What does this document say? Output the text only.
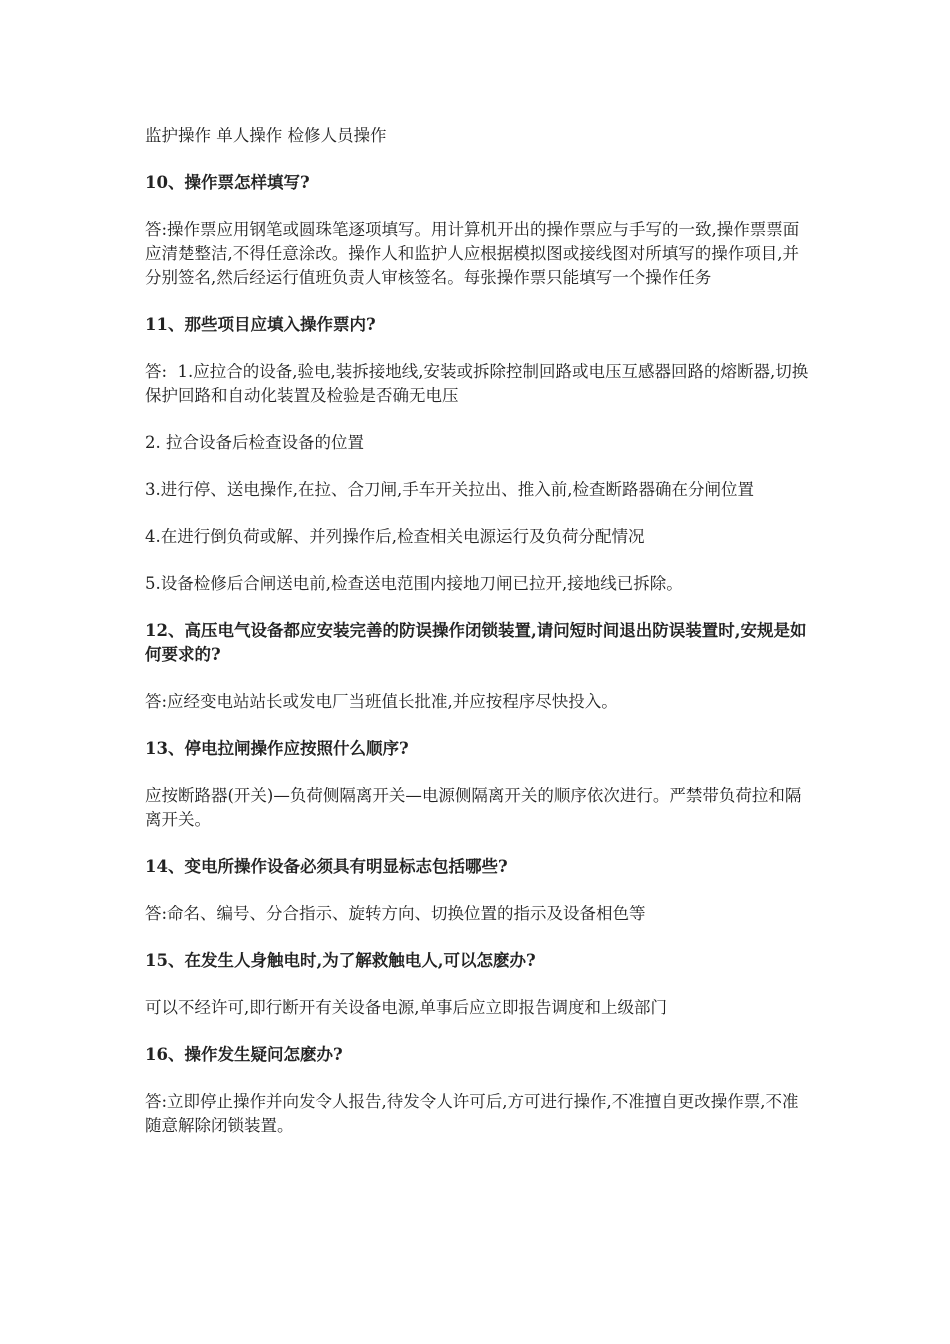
监护操作 单人操作 检修人员操作

10、操作票怎样填写?

答:操作票应用钢笔或圆珠笔逐项填写。用计算机开出的操作票应与手写的一致,操作票票面应清楚整洁,不得任意涂改。操作人和监护人应根据模拟图或接线图对所填写的操作项目,并分别签名,然后经运行值班负责人审核签名。每张操作票只能填写一个操作任务

11、那些项目应填入操作票内?

答:  1.应拉合的设备,验电,装拆接地线,安装或拆除控制回路或电压互感器回路的熔断器,切换保护回路和自动化装置及检验是否确无电压

2. 拉合设备后检查设备的位置

3.进行停、送电操作,在拉、合刀闸,手车开关拉出、推入前,检查断路器确在分闸位置

4.在进行倒负荷或解、并列操作后,检查相关电源运行及负荷分配情况

5.设备检修后合闸送电前,检查送电范围内接地刀闸已拉开,接地线已拆除。

12、高压电气设备都应安装完善的防误操作闭锁装置,请问短时间退出防误装置时,安规是如何要求的?

答:应经变电站站长或发电厂当班值长批准,并应按程序尽快投入。

13、停电拉闸操作应按照什么顺序?

应按断路器(开关)—负荷侧隔离开关—电源侧隔离开关的顺序依次进行。严禁带负荷拉和隔离开关。

14、变电所操作设备必须具有明显标志包括哪些?

答:命名、编号、分合指示、旋转方向、切换位置的指示及设备相色等

15、在发生人身触电时,为了解救触电人,可以怎麽办?

可以不经许可,即行断开有关设备电源,单事后应立即报告调度和上级部门

16、操作发生疑问怎麽办?

答:立即停止操作并向发令人报告,待发令人许可后,方可进行操作,不准擅自更改操作票,不准随意解除闭锁装置。
